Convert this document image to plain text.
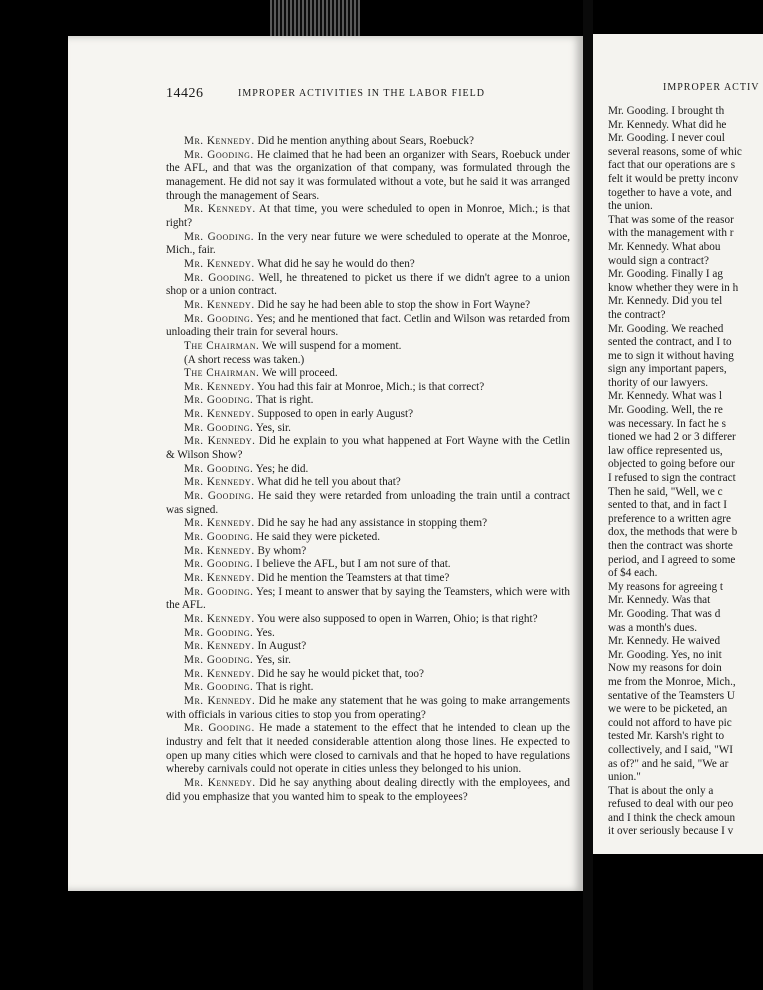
14426	IMPROPER ACTIVITIES IN THE LABOR FIELD

Mr. Kennedy. Did he mention anything about Sears, Roebuck?

Mr. Gooding. He claimed that he had been an organizer with Sears, Roebuck under the AFL, and that was the organization of that company, was formulated through the management. He did not say it was formulated without a vote, but he said it was arranged through the management of Sears.

Mr. Kennedy. At that time, you were scheduled to open in Monroe, Mich.; is that right?

Mr. Gooding. In the very near future we were scheduled to operate at the Monroe, Mich., fair.

Mr. Kennedy. What did he say he would do then?

Mr. Gooding. Well, he threatened to picket us there if we didn't agree to a union shop or a union contract.

Mr. Kennedy. Did he say he had been able to stop the show in Fort Wayne?

Mr. Gooding. Yes; and he mentioned that fact. Cetlin and Wilson was retarded from unloading their train for several hours.

The Chairman. We will suspend for a moment.

(A short recess was taken.)

The Chairman. We will proceed.

Mr. Kennedy. You had this fair at Monroe, Mich.; is that correct?

Mr. Gooding. That is right.

Mr. Kennedy. Supposed to open in early August?

Mr. Gooding. Yes, sir.

Mr. Kennedy. Did he explain to you what happened at Fort Wayne with the Cetlin & Wilson Show?

Mr. Gooding. Yes; he did.

Mr. Kennedy. What did he tell you about that?

Mr. Gooding. He said they were retarded from unloading the train until a contract was signed.

Mr. Kennedy. Did he say he had any assistance in stopping them?

Mr. Gooding. He said they were picketed.

Mr. Kennedy. By whom?

Mr. Gooding. I believe the AFL, but I am not sure of that.

Mr. Kennedy. Did he mention the Teamsters at that time?

Mr. Gooding. Yes; I meant to answer that by saying the Teamsters, which were with the AFL.

Mr. Kennedy. You were also supposed to open in Warren, Ohio; is that right?

Mr. Gooding. Yes.

Mr. Kennedy. In August?

Mr. Gooding. Yes, sir.

Mr. Kennedy. Did he say he would picket that, too?

Mr. Gooding. That is right.

Mr. Kennedy. Did he make any statement that he was going to make arrangements with officials in various cities to stop you from operating?

Mr. Gooding. He made a statement to the effect that he intended to clean up the industry and felt that it needed considerable attention along those lines. He expected to open up many cities which were closed to carnivals and that he hoped to have regulations whereby carnivals could not operate in cities unless they belonged to his union.

Mr. Kennedy. Did he say anything about dealing directly with the employees, and did you emphasize that you wanted him to speak to the employees?

IMPROPER ACTIV
Mr. Gooding. I brought th
Mr. Kennedy. What did he
Mr. Gooding. I never coul
several reasons, some of whic
fact that our operations are s
felt it would be pretty inconv
together to have a vote, and
the union.
That was some of the reasor
with the management with r
Mr. Kennedy. What abou
would sign a contract?
Mr. Gooding. Finally I ag
know whether they were in h
Mr. Kennedy. Did you tel
the contract?
Mr. Gooding. We reached
sented the contract, and I to
me to sign it without having
sign any important papers,
thority of our lawyers.
Mr. Kennedy. What was l
Mr. Gooding. Well, the re
was necessary. In fact he s
tioned we had 2 or 3 differer
law office represented us,
objected to going before our
I refused to sign the contract
Then he said, "Well, we c
sented to that, and in fact I
preference to a written agre
dox, the methods that were b
then the contract was shorte
period, and I agreed to some
of $4 each.
My reasons for agreeing t
Mr. Kennedy. Was that
Mr. Gooding. That was d
was a month's dues.
Mr. Kennedy. He waived
Mr. Gooding. Yes, no init
Now my reasons for doin
me from the Monroe, Mich.,
sentative of the Teamsters U
we were to be picketed, an
could not afford to have pic
tested Mr. Karsh's right to
collectively, and I said, "WI
as of?" and he said, "We ar
union."
That is about the only a
refused to deal with our peo
and I think the check amoun
it over seriously because I v
